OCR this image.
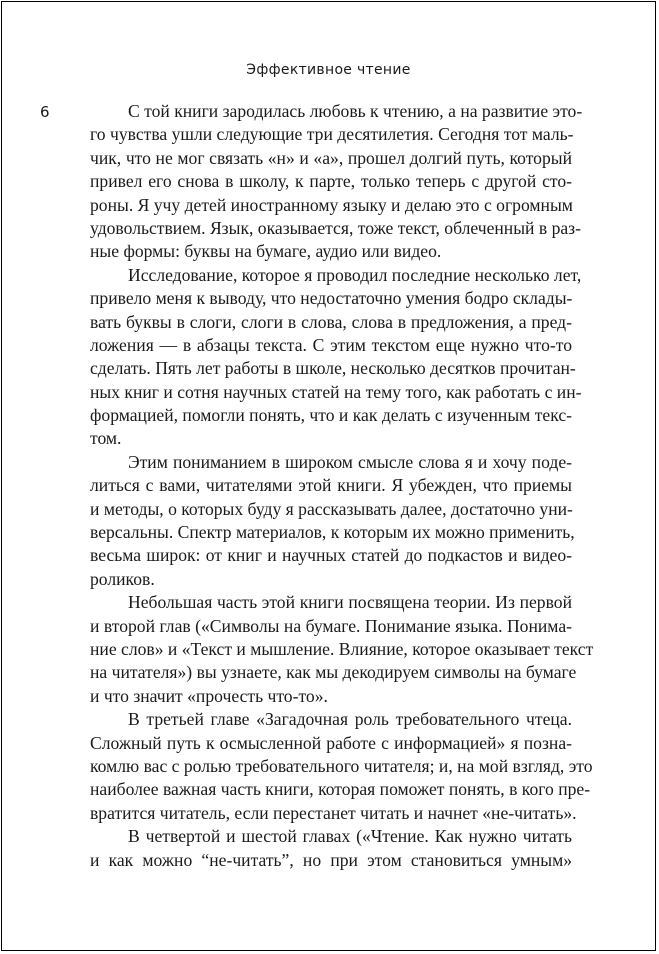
Эффективное чтение
6	С той книги зародилась любовь к чтению, а на развитие это-
го чувства ушли следующие три десятилетия. Сегодня тот маль-
чик, что не мог связать «н» и «а», прошел долгий путь, который
привел его снова в школу, к парте, только теперь с другой сто-
роны. Я учу детей иностранному языку и делаю это с огромным
удовольствием. Язык, оказывается, тоже текст, облеченный в раз-
ные формы: буквы на бумаге, аудио или видео.
Исследование, которое я проводил последние несколько лет,
привело меня к выводу, что недостаточно умения бодро склады-
вать буквы в слоги, слоги в слова, слова в предложения, а пред-
ложения — в абзацы текста. С этим текстом еще нужно что-то
сделать. Пять лет работы в школе, несколько десятков прочитан-
ных книг и сотня научных статей на тему того, как работать с ин-
формацией, помогли понять, что и как делать с изученным текс-
том.
Этим пониманием в широком смысле слова я и хочу поде-
литься с вами, читателями этой книги. Я убежден, что приемы
и методы, о которых буду я рассказывать далее, достаточно уни-
версальны. Спектр материалов, к которым их можно применить,
весьма широк: от книг и научных статей до подкастов и видео-
роликов.
Небольшая часть этой книги посвящена теории. Из первой
и второй глав («Символы на бумаге. Понимание языка. Понима-
ние слов» и «Текст и мышление. Влияние, которое оказывает текст
на читателя») вы узнаете, как мы декодируем символы на бумаге
и что значит «прочесть что-то».
В третьей главе «Загадочная роль требовательного чтеца.
Сложный путь к осмысленной работе с информацией» я позна-
комлю вас с ролью требовательного читателя; и, на мой взгляд, это
наиболее важная часть книги, которая поможет понять, в кого пре-
вратится читатель, если перестанет читать и начнет «не-читать».
В четвертой и шестой главах («Чтение. Как нужно читать
и как можно “не-читать”, но при этом становиться умным»
